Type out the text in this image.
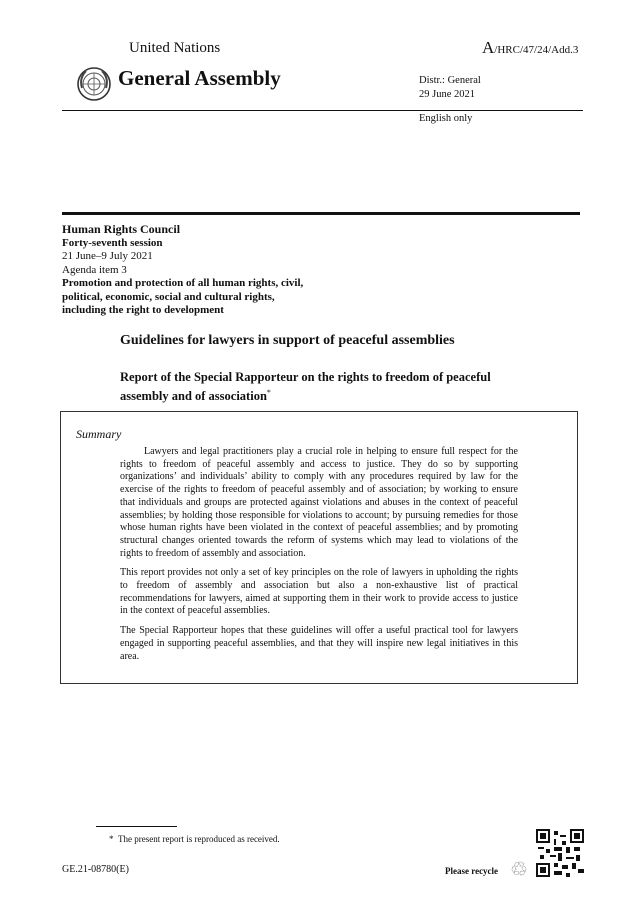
United Nations	A/HRC/47/24/Add.3
General Assembly	Distr.: General
29 June 2021
English only
Human Rights Council
Forty-seventh session
21 June–9 July 2021
Agenda item 3
Promotion and protection of all human rights, civil,
political, economic, social and cultural rights,
including the right to development
Guidelines for lawyers in support of peaceful assemblies
Report of the Special Rapporteur on the rights to freedom of peaceful assembly and of association*
Summary

Lawyers and legal practitioners play a crucial role in helping to ensure full respect for the rights to freedom of peaceful assembly and access to justice. They do so by supporting organizations’ and individuals’ ability to comply with any procedures required by law for the exercise of the rights to freedom of peaceful assembly and of association; by working to ensure that individuals and groups are protected against violations and abuses in the context of peaceful assemblies; by holding those responsible for violations to account; by pursuing remedies for those whose human rights have been violated in the context of peaceful assemblies; and by promoting structural changes oriented towards the reform of systems which may lead to violations of the rights to freedom of assembly and association.

This report provides not only a set of key principles on the role of lawyers in upholding the rights to freedom of assembly and association but also a non-exhaustive list of practical recommendations for lawyers, aimed at supporting them in their work to provide access to justice in the context of peaceful assemblies.

The Special Rapporteur hopes that these guidelines will offer a useful practical tool for lawyers engaged in supporting peaceful assemblies, and that they will inspire new legal initiatives in this area.

* The present report is reproduced as received.
GE.21-08780(E)	Please recycle ♲
